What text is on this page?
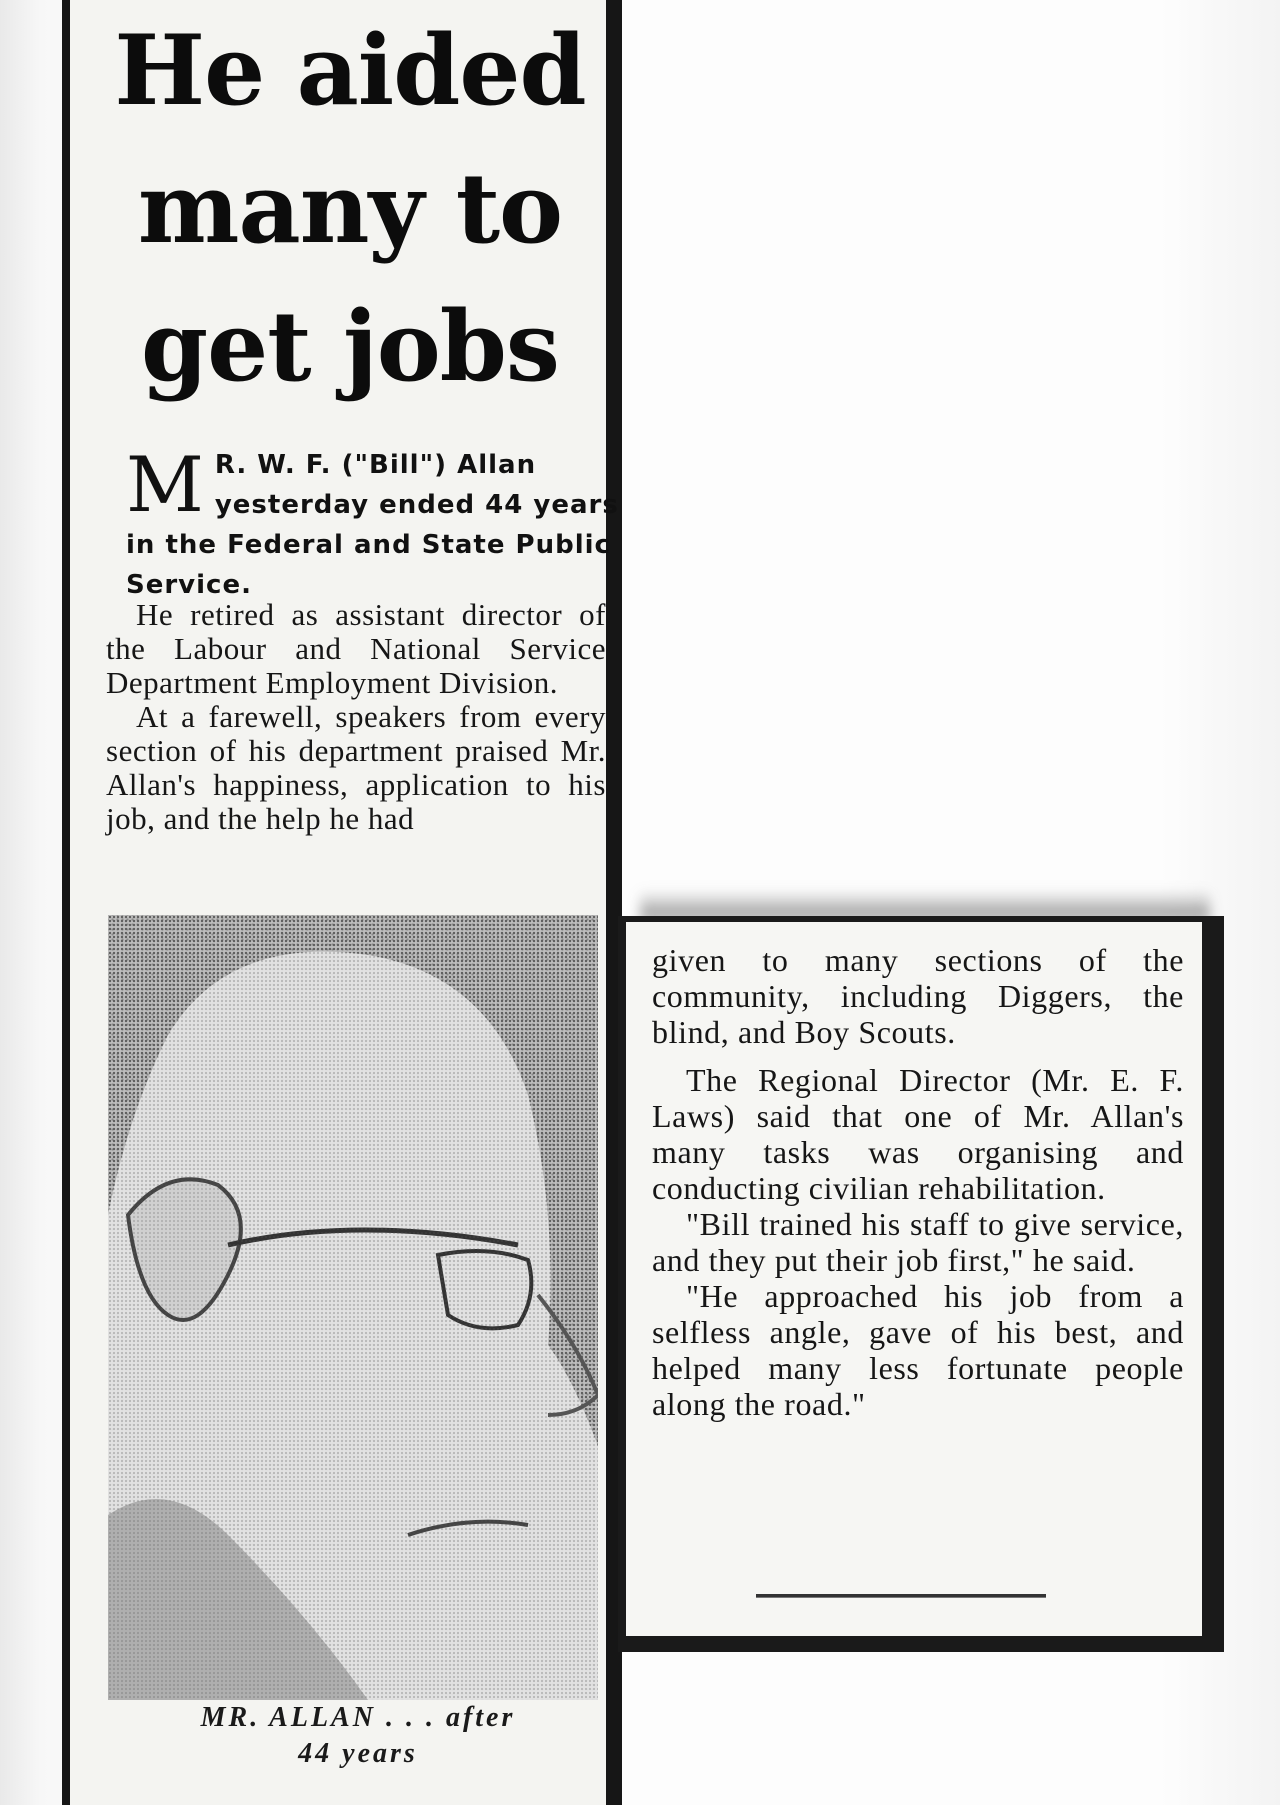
He aided
many to
get jobs

M R. W. F. ("Bill") Allan yesterday ended 44 years in the Federal and State Public Service.

He retired as assistant director of the Labour and National Service Department Employment Division.

At a farewell, speakers from every section of his department praised Mr. Allan's happiness, application to his job, and the help he had

MR. ALLAN . . . after
44 years

given to many sections of the community, including Diggers, the blind, and Boy Scouts.

The Regional Director (Mr. E. F. Laws) said that one of Mr. Allan's many tasks was organising and conducting civilian rehabilitation.

"Bill trained his staff to give service, and they put their job first," he said.

"He approached his job from a selfless angle, gave of his best, and helped many less fortunate people along the road."
